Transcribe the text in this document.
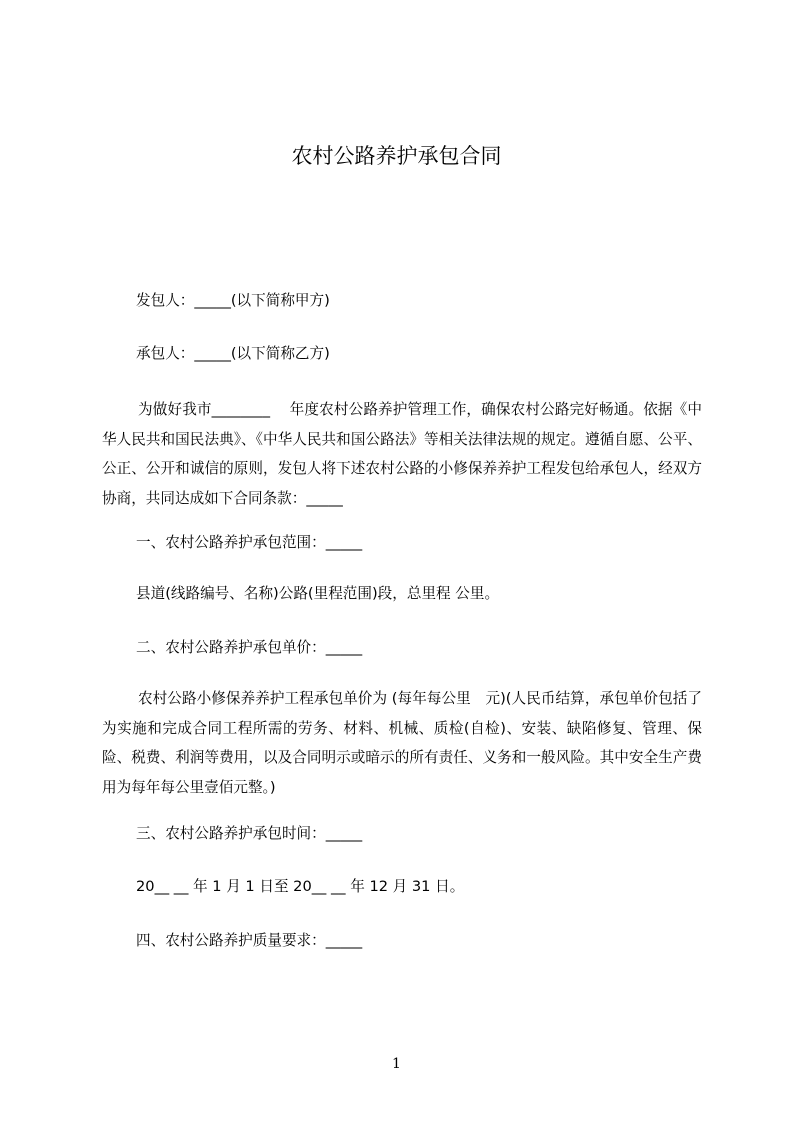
农村公路养护承包合同

发包人：_____(以下简称甲方)

承包人：_____(以下简称乙方)

为做好我市________　 年度农村公路养护管理工作，确保农村公路完好畅通。依据《中华人民共和国民法典》、《中华人民共和国公路法》等相关法律法规的规定。遵循自愿、公平、公正、公开和诚信的原则，发包人将下述农村公路的小修保养养护工程发包给承包人，经双方协商，共同达成如下合同条款：_____

一、农村公路养护承包范围：_____

县道(线路编号、名称)公路(里程范围)段，总里程 公里。

二、农村公路养护承包单价：_____

农村公路小修保养养护工程承包单价为 (每年每公里　元)(人民币结算，承包单价包括了为实施和完成合同工程所需的劳务、材料、机械、质检(自检)、安装、缺陷修复、管理、保险、税费、利润等费用，以及合同明示或暗示的所有责任、义务和一般风险。其中安全生产费用为每年每公里壹佰元整。)

三、农村公路养护承包时间：_____

20__ __ 年 1 月 1 日至 20__ __ 年 12 月 31 日。

四、农村公路养护质量要求：_____

1
